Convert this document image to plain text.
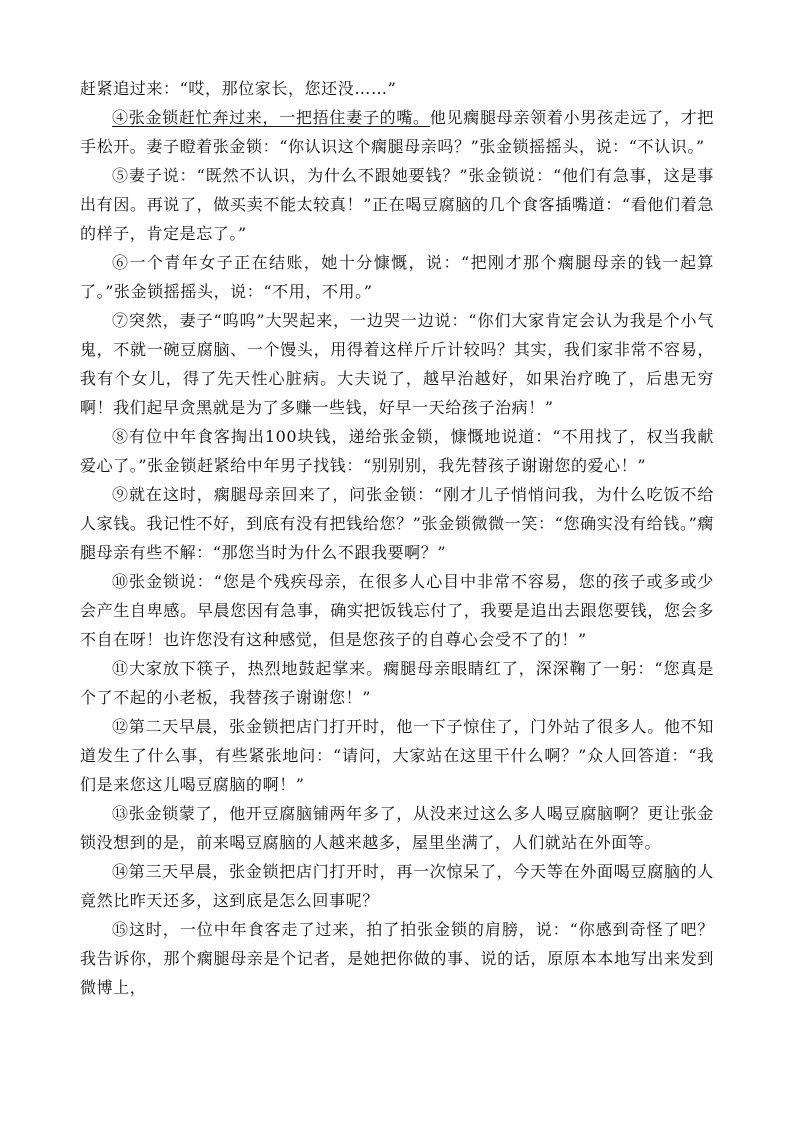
赶紧追过来：“哎，那位家长，您还没……”

④张金锁赶忙奔过来，一把捂住妻子的嘴。他见瘸腿母亲领着小男孩走远了，才把手松开。妻子瞪着张金锁：“你认识这个瘸腿母亲吗？”张金锁摇摇头，说：“不认识。”

⑤妻子说：“既然不认识，为什么不跟她要钱？”张金锁说：“他们有急事，这是事出有因。再说了，做买卖不能太较真！”正在喝豆腐脑的几个食客插嘴道：“看他们着急的样子，肯定是忘了。”

⑥一个青年女子正在结账，她十分慷慨，说：“把刚才那个瘸腿母亲的钱一起算了。”张金锁摇摇头，说：“不用，不用。”

⑦突然，妻子“呜呜”大哭起来，一边哭一边说：“你们大家肯定会认为我是个小气鬼，不就一碗豆腐脑、一个馒头，用得着这样斤斤计较吗？其实，我们家非常不容易，我有个女儿，得了先天性心脏病。大夫说了，越早治越好，如果治疗晚了，后患无穷啊！我们起早贪黑就是为了多赚一些钱，好早一天给孩子治病！”

⑧有位中年食客掏出100块钱，递给张金锁，慷慨地说道：“不用找了，权当我献爱心了。”张金锁赶紧给中年男子找钱：“别别别，我先替孩子谢谢您的爱心！”

⑨就在这时，瘸腿母亲回来了，问张金锁：“刚才儿子悄悄问我，为什么吃饭不给人家钱。我记性不好，到底有没有把钱给您？”张金锁微微一笑：“您确实没有给钱。”瘸腿母亲有些不解：“那您当时为什么不跟我要啊？”

⑩张金锁说：“您是个残疾母亲，在很多人心目中非常不容易，您的孩子或多或少会产生自卑感。早晨您因有急事，确实把饭钱忘付了，我要是追出去跟您要钱，您会多不自在呀！也许您没有这种感觉，但是您孩子的自尊心会受不了的！”

⑪大家放下筷子，热烈地鼓起掌来。瘸腿母亲眼睛红了，深深鞠了一躬：“您真是个了不起的小老板，我替孩子谢谢您！”

⑫第二天早晨，张金锁把店门打开时，他一下子惊住了，门外站了很多人。他不知道发生了什么事，有些紧张地问：“请问，大家站在这里干什么啊？”众人回答道：“我们是来您这儿喝豆腐脑的啊！”

⑬张金锁蒙了，他开豆腐脑铺两年多了，从没来过这么多人喝豆腐脑啊？更让张金锁没想到的是，前来喝豆腐脑的人越来越多，屋里坐满了，人们就站在外面等。

⑭第三天早晨，张金锁把店门打开时，再一次惊呆了，今天等在外面喝豆腐脑的人竟然比昨天还多，这到底是怎么回事呢？

⑮这时，一位中年食客走了过来，拍了拍张金锁的肩膀，说：“你感到奇怪了吧？我告诉你，那个瘸腿母亲是个记者，是她把你做的事、说的话，原原本本地写出来发到微博上，
